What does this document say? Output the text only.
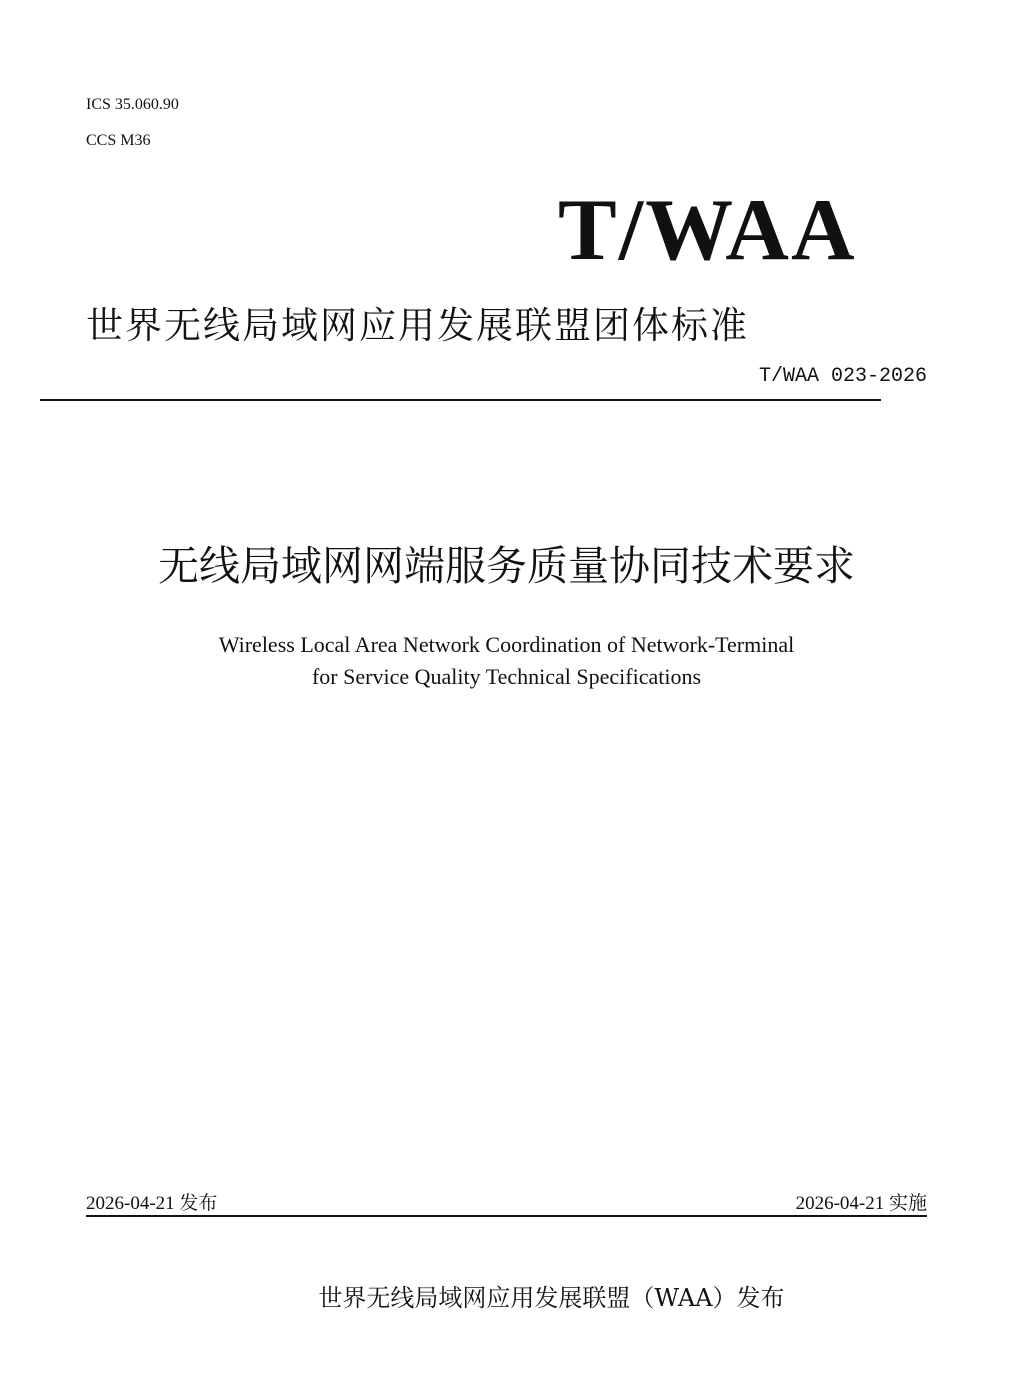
ICS 35.060.90
CCS M36
T/WAA
世界无线局域网应用发展联盟团体标准
T/WAA 023-2026
无线局域网网端服务质量协同技术要求
Wireless Local Area Network Coordination of Network-Terminal
for Service Quality Technical Specifications
2026-04-21 发布	2026-04-21 实施
世界无线局域网应用发展联盟（WAA）发布
